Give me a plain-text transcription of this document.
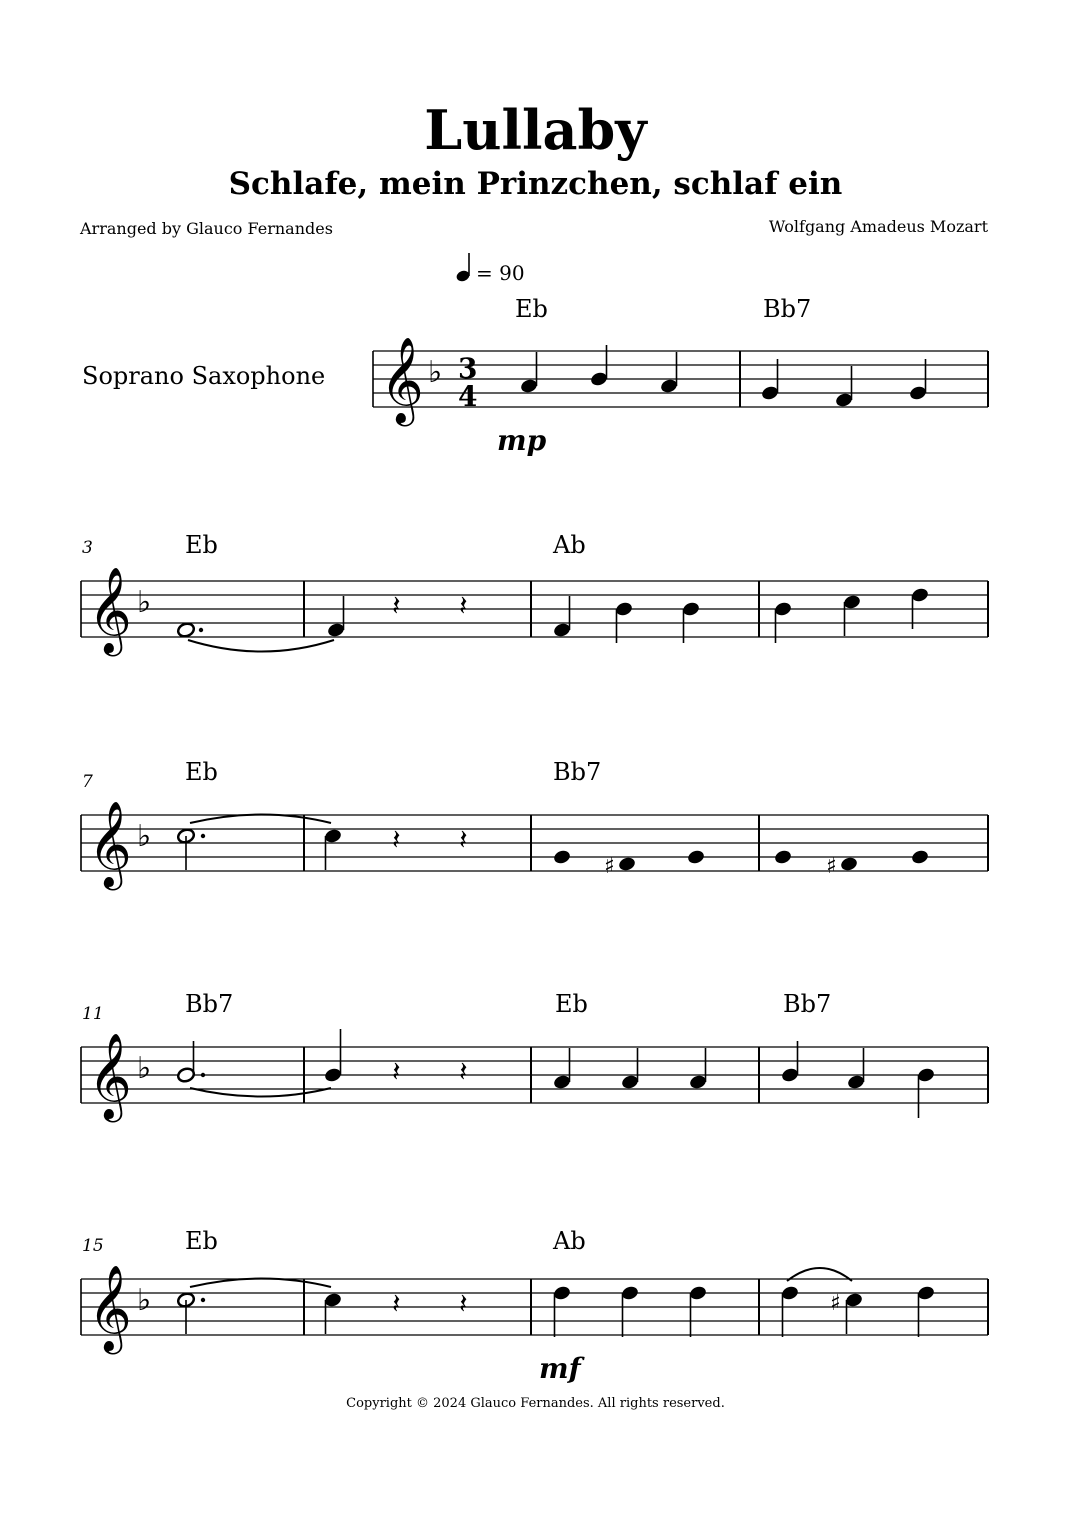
Lullaby
Schlafe, mein Prinzchen, schlaf ein
Arranged by Glauco Fernandes	Wolfgang Amadeus Mozart
Soprano Saxophone
Copyright © 2024 Glauco Fernandes. All rights reserved.
= 90
𝄞 ♭ 3
4
Eb	Bb7
mp
3
𝄞 ♭
Eb	Ab
𝄽 𝄽
7
𝄞 ♭
Eb	Bb7
𝄽 𝄽
♯	♯
11
𝄞 ♭
Bb7	Eb	Bb7
𝄽 𝄽
15
𝄞 ♭
Eb	Ab
mf
𝄽 𝄽	♯
